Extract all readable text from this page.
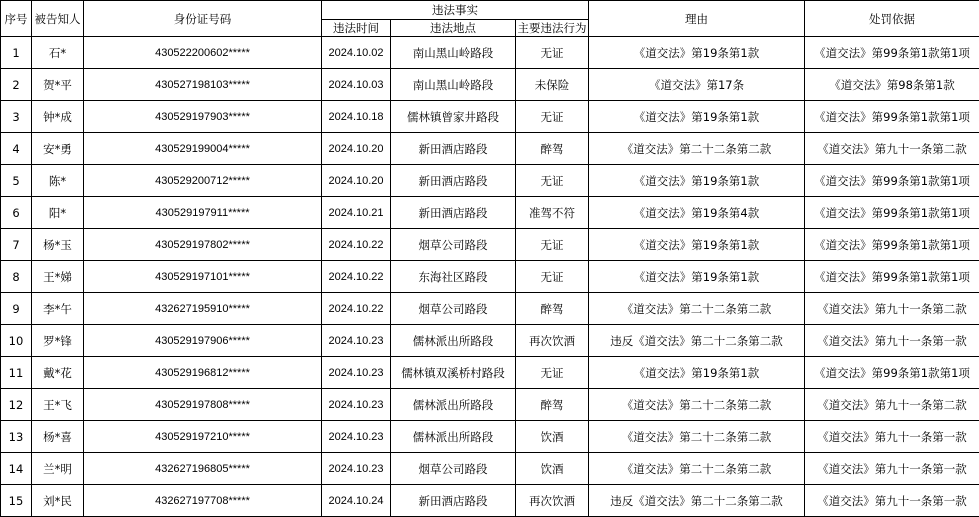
序号	被告知人	身份证号码	违法事实			理由	处罚依据
			违法时间	违法地点	主要违法行为		
1	石*	430522200602*****	2024.10.02	南山黑山岭路段	无证	《道交法》第19条第1款	《道交法》第99条第1款第1项
2	贺*平	430527198103*****	2024.10.03	南山黑山岭路段	未保险	《道交法》第17条	《道交法》第98条第1款
3	钟*成	430529197903*****	2024.10.18	儒林镇曾家井路段	无证	《道交法》第19条第1款	《道交法》第99条第1款第1项
4	安*勇	430529199004*****	2024.10.20	新田酒店路段	醉驾	《道交法》第二十二条第二款	《道交法》第九十一条第二款
5	陈*	430529200712*****	2024.10.20	新田酒店路段	无证	《道交法》第19条第1款	《道交法》第99条第1款第1项
6	阳*	430529197911*****	2024.10.21	新田酒店路段	准驾不符	《道交法》第19条第4款	《道交法》第99条第1款第1项
7	杨*玉	430529197802*****	2024.10.22	烟草公司路段	无证	《道交法》第19条第1款	《道交法》第99条第1款第1项
8	王*娣	430529197101*****	2024.10.22	东海社区路段	无证	《道交法》第19条第1款	《道交法》第99条第1款第1项
9	李*午	432627195910*****	2024.10.22	烟草公司路段	醉驾	《道交法》第二十二条第二款	《道交法》第九十一条第二款
10	罗*锋	430529197906*****	2024.10.23	儒林派出所路段	再次饮酒	违反《道交法》第二十二条第二款	《道交法》第九十一条第一款
11	戴*花	430529196812*****	2024.10.23	儒林镇双溪桥村路段	无证	《道交法》第19条第1款	《道交法》第99条第1款第1项
12	王*飞	430529197808*****	2024.10.23	儒林派出所路段	醉驾	《道交法》第二十二条第二款	《道交法》第九十一条第二款
13	杨*喜	430529197210*****	2024.10.23	儒林派出所路段	饮酒	《道交法》第二十二条第二款	《道交法》第九十一条第一款
14	兰*明	432627196805*****	2024.10.23	烟草公司路段	饮酒	《道交法》第二十二条第二款	《道交法》第九十一条第一款
15	刘*民	432627197708*****	2024.10.24	新田酒店路段	再次饮酒	违反《道交法》第二十二条第二款	《道交法》第九十一条第一款
